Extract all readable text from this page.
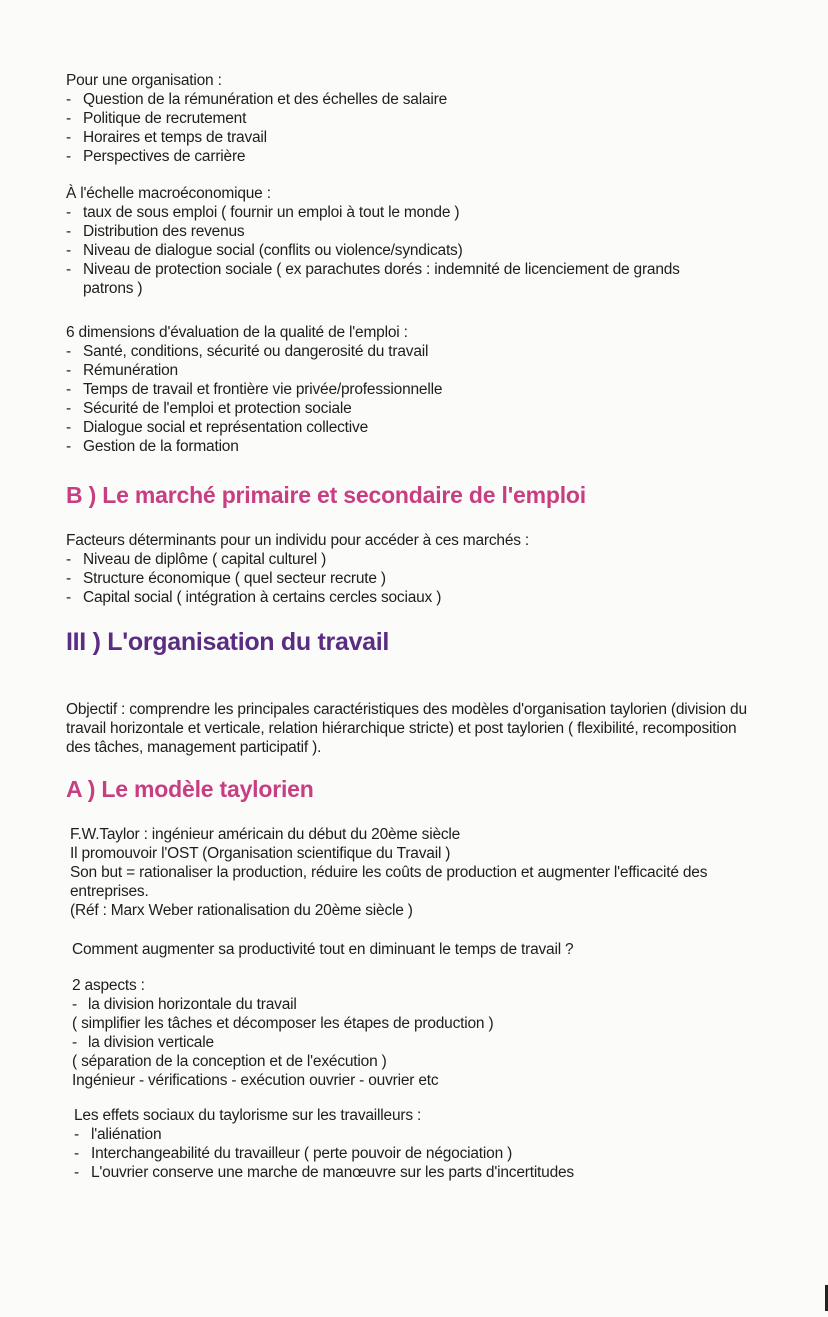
Pour une organisation :

- Question de la rémunération et des échelles de salaire
- Politique de recrutement
- Horaires et temps de travail
- Perspectives de carrière

À l'échelle macroéconomique :

- taux de sous emploi ( fournir un emploi à tout le monde )
- Distribution des revenus
- Niveau de dialogue social (conflits ou violence/syndicats)
- Niveau de protection sociale ( ex parachutes dorés : indemnité de licenciement de grands patrons )

6 dimensions d'évaluation de la qualité de l'emploi :

- Santé, conditions, sécurité ou dangerosité du travail
- Rémunération
- Temps de travail et frontière vie privée/professionnelle
- Sécurité de l'emploi et protection sociale
- Dialogue social et représentation collective
- Gestion de la formation
B ) Le marché primaire et secondaire de l'emploi

Facteurs déterminants pour un individu pour accéder à ces marchés :

- Niveau de diplôme ( capital culturel )
- Structure économique ( quel secteur recrute )
- Capital social ( intégration à certains cercles sociaux )
III ) L'organisation du travail

Objectif : comprendre les principales caractéristiques des modèles d'organisation taylorien (division du travail horizontale et verticale, relation hiérarchique stricte) et post taylorien ( flexibilité, recomposition des tâches, management participatif ).

A ) Le modèle taylorien

F.W.Taylor : ingénieur américain du début du 20ème siècle

Il promouvoir l'OST (Organisation scientifique du Travail )

Son but = rationaliser la production, réduire les coûts de production et augmenter l'efficacité des entreprises.

(Réf : Marx Weber rationalisation du 20ème siècle )

Comment augmenter sa productivité tout en diminuant le temps de travail ?

2 aspects :

- la division horizontale du travail

( simplifier les tâches et décomposer les étapes de production )

- la division verticale

( séparation de la conception et de l'exécution )

Ingénieur - vérifications - exécution ouvrier - ouvrier etc

Les effets sociaux du taylorisme sur les travailleurs :

- l'aliénation
- Interchangeabilité du travailleur ( perte pouvoir de négociation )
- L'ouvrier conserve une marche de manœuvre sur les parts d'incertitudes
